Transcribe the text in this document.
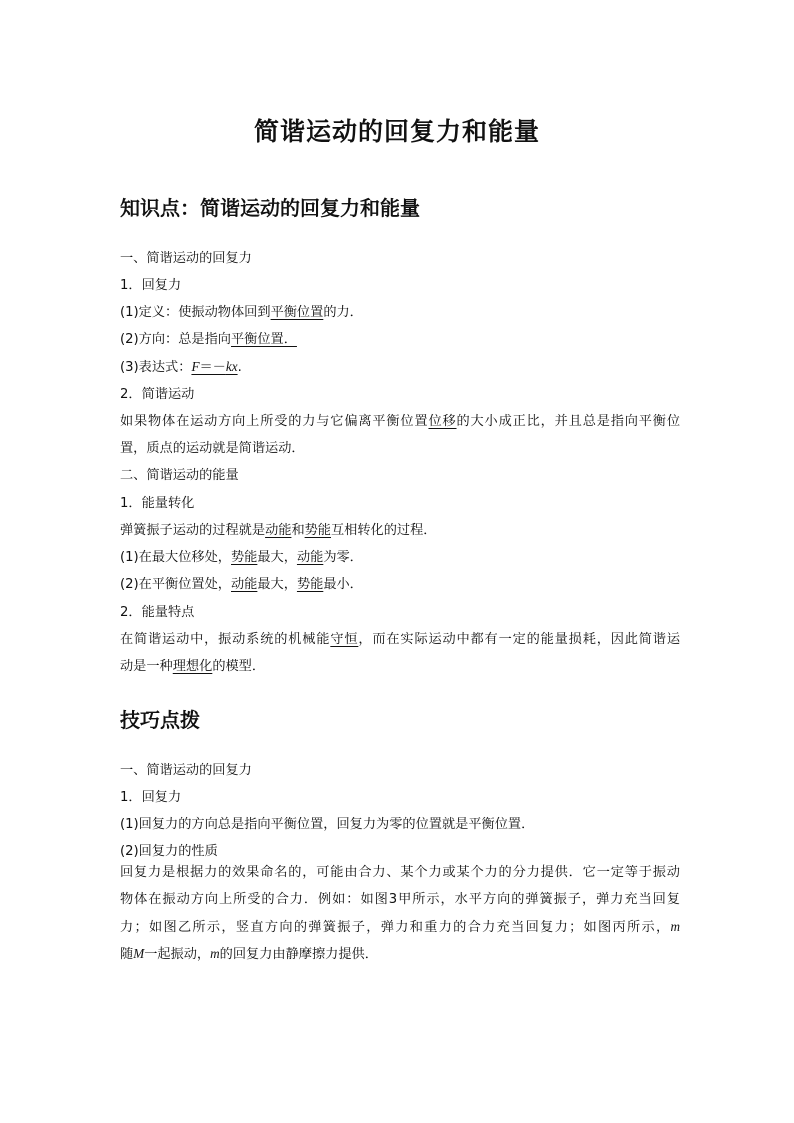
简谐运动的回复力和能量
知识点：简谐运动的回复力和能量
一、简谐运动的回复力
1．回复力
(1)定义：使振动物体回到平衡位置的力．
(2)方向：总是指向平衡位置．
(3)表达式：F＝－kx.
2．简谐运动
如果物体在运动方向上所受的力与它偏离平衡位置位移的大小成正比，并且总是指向平衡位
置，质点的运动就是简谐运动．
二、简谐运动的能量
1．能量转化
弹簧振子运动的过程就是动能和势能互相转化的过程．
(1)在最大位移处，势能最大，动能为零．
(2)在平衡位置处，动能最大，势能最小．
2．能量特点
在简谐运动中，振动系统的机械能守恒，而在实际运动中都有一定的能量损耗，因此简谐运
动是一种理想化的模型．
技巧点拨
一、简谐运动的回复力
1．回复力
(1)回复力的方向总是指向平衡位置，回复力为零的位置就是平衡位置．
(2)回复力的性质
回复力是根据力的效果命名的，可能由合力、某个力或某个力的分力提供．它一定等于振动
物体在振动方向上所受的合力．例如：如图3甲所示，水平方向的弹簧振子，弹力充当回复
力；如图乙所示，竖直方向的弹簧振子，弹力和重力的合力充当回复力；如图丙所示，m
随M一起振动，m的回复力由静摩擦力提供．
